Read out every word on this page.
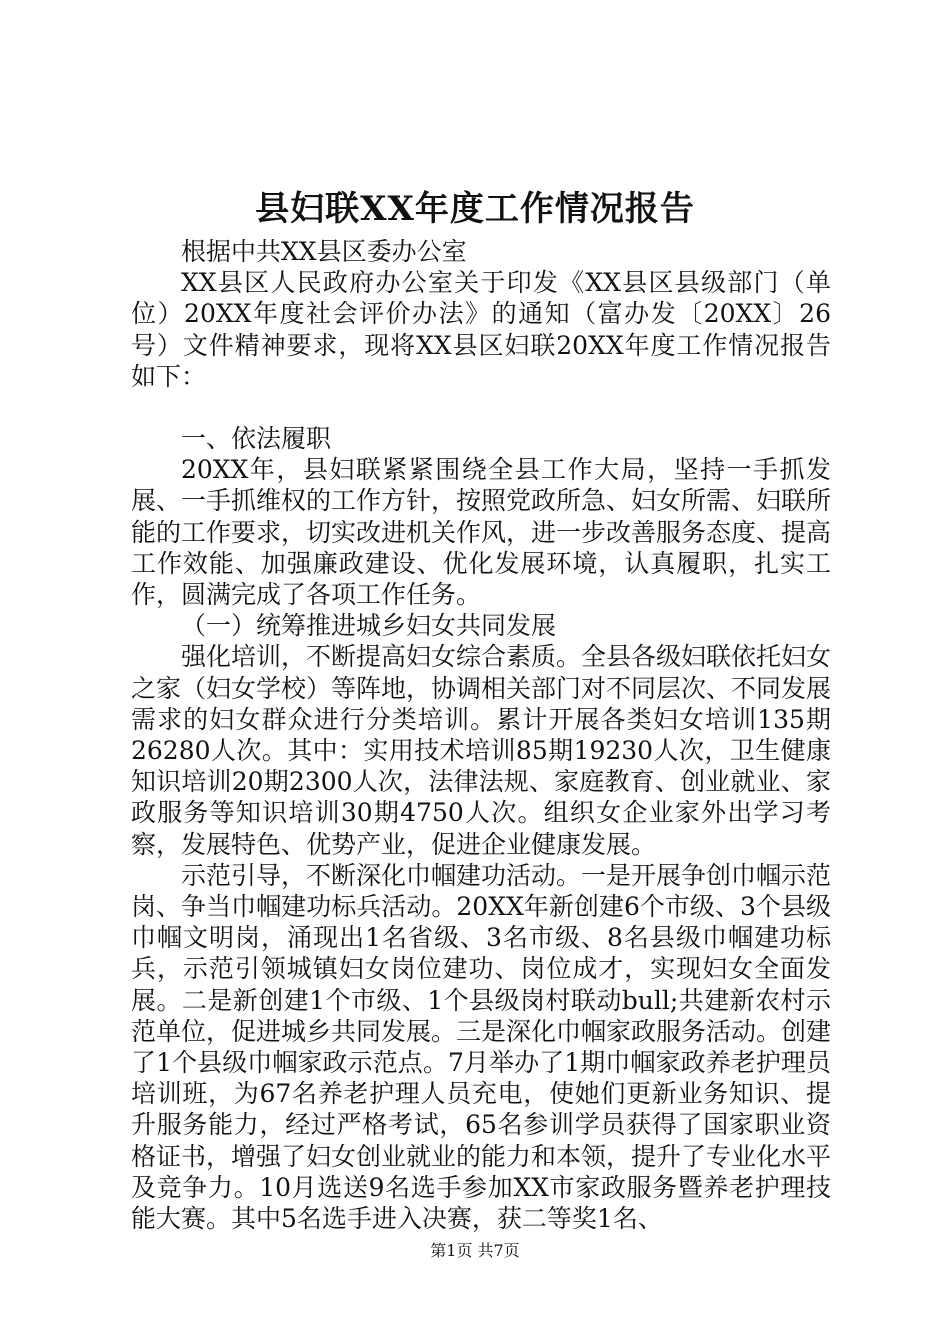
县妇联XX年度工作情况报告

根据中共XX县区委办公室

XX县区人民政府办公室关于印发《XX县区县级部门（单位）20XX年度社会评价办法》的通知（富办发〔20XX〕26号）文件精神要求，现将XX县区妇联20XX年度工作情况报告如下：

一、依法履职

20XX年，县妇联紧紧围绕全县工作大局，坚持一手抓发展、一手抓维权的工作方针，按照党政所急、妇女所需、妇联所能的工作要求，切实改进机关作风，进一步改善服务态度、提高工作效能、加强廉政建设、优化发展环境，认真履职，扎实工作，圆满完成了各项工作任务。

（一）统筹推进城乡妇女共同发展

强化培训，不断提高妇女综合素质。全县各级妇联依托妇女之家（妇女学校）等阵地，协调相关部门对不同层次、不同发展需求的妇女群众进行分类培训。累计开展各类妇女培训135期26280人次。其中：实用技术培训85期19230人次，卫生健康知识培训20期2300人次，法律法规、家庭教育、创业就业、家政服务等知识培训30期4750人次。组织女企业家外出学习考察，发展特色、优势产业，促进企业健康发展。

示范引导，不断深化巾帼建功活动。一是开展争创巾帼示范岗、争当巾帼建功标兵活动。20XX年新创建6个市级、3个县级巾帼文明岗，涌现出1名省级、3名市级、8名县级巾帼建功标兵，示范引领城镇妇女岗位建功、岗位成才，实现妇女全面发展。二是新创建1个市级、1个县级岗村联动bull;共建新农村示范单位，促进城乡共同发展。三是深化巾帼家政服务活动。创建了1个县级巾帼家政示范点。7月举办了1期巾帼家政养老护理员培训班，为67名养老护理人员充电，使她们更新业务知识、提升服务能力，经过严格考试，65名参训学员获得了国家职业资格证书，增强了妇女创业就业的能力和本领，提升了专业化水平及竞争力。10月选送9名选手参加XX市家政服务暨养老护理技能大赛。其中5名选手进入决赛，获二等奖1名、

第1页 共7页
